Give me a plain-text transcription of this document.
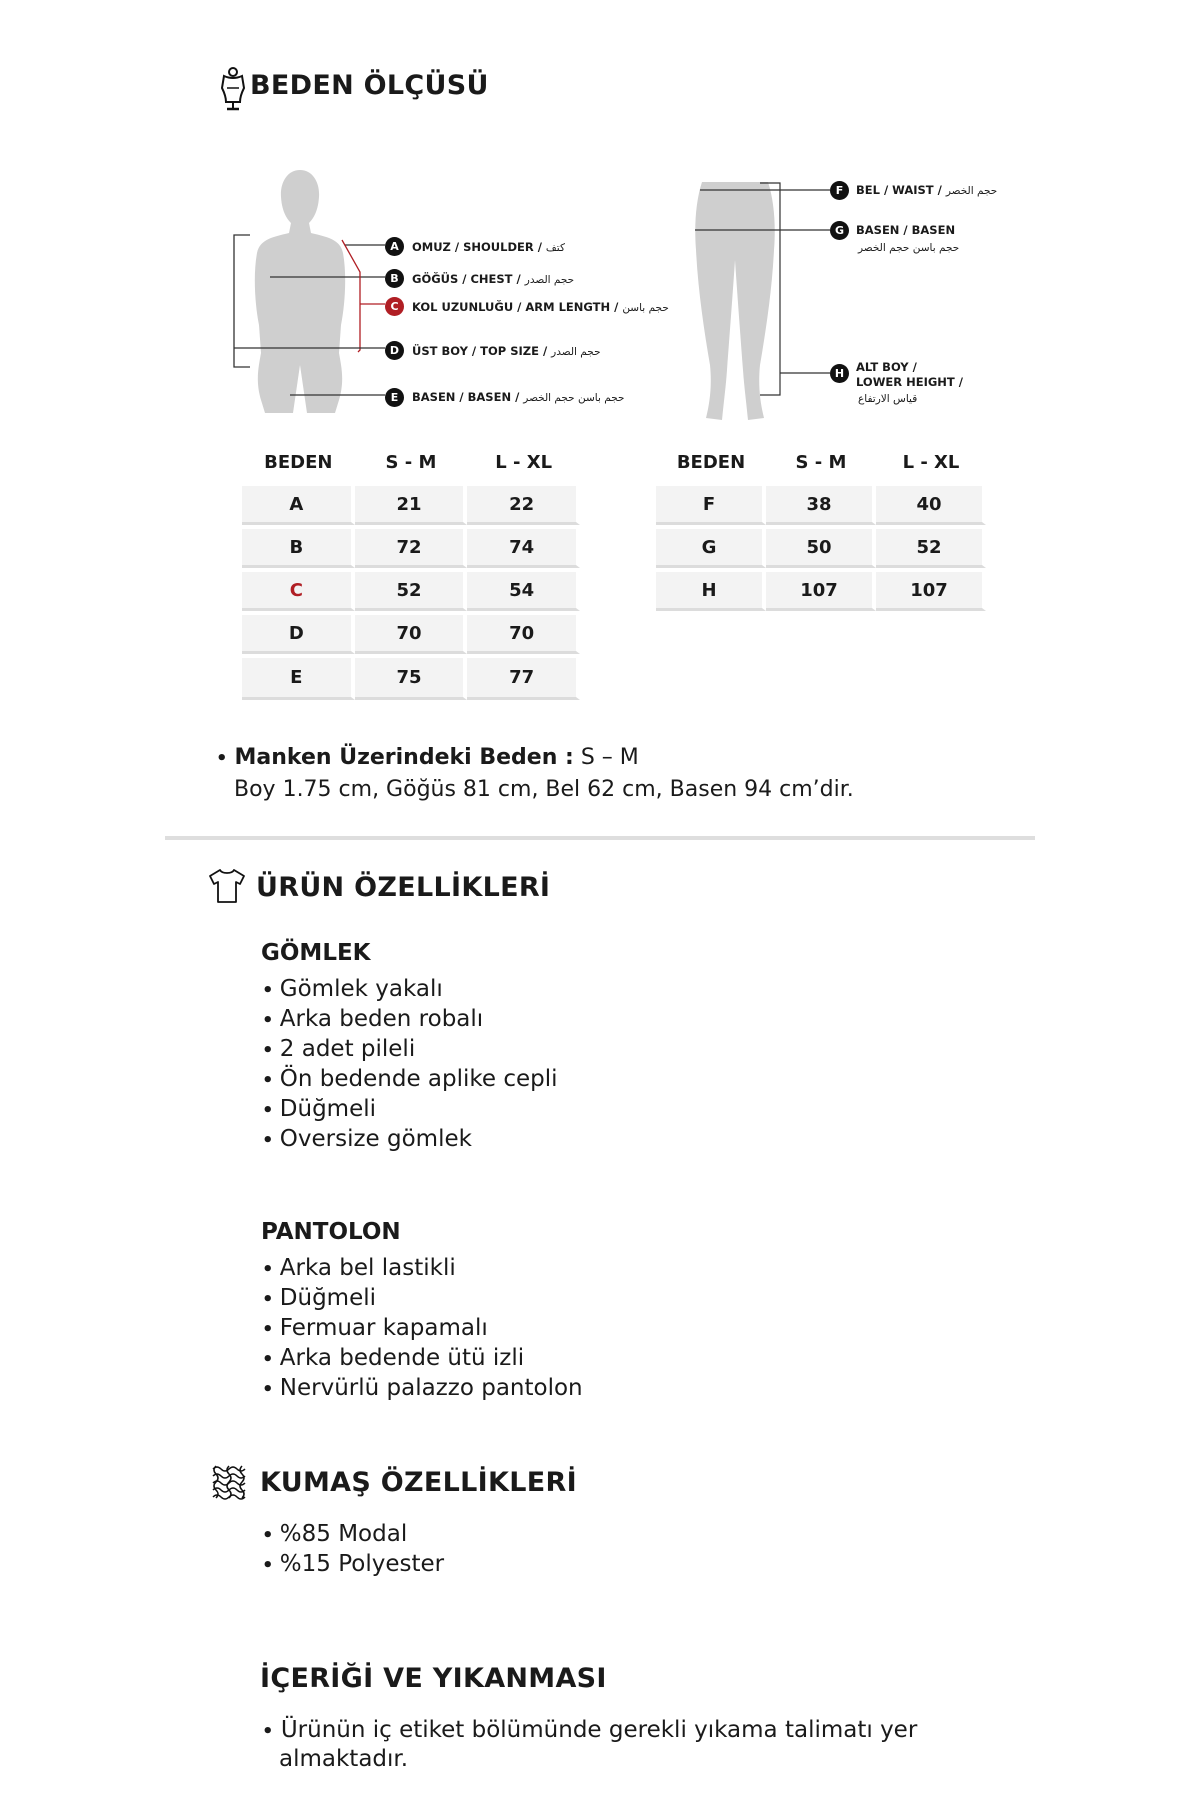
BEDEN ÖLÇÜSÜ
A	OMUZ / SHOULDER / كتف
B	GÖĞÜS / CHEST / حجم الصدر
C	KOL UZUNLUĞU / ARM LENGTH / حجم باسن
D	ÜST BOY / TOP SIZE / حجم الصدر
E	BASEN / BASEN / حجم باسن حجم الخصر
F	BEL / WAIST / حجم الخصر
G	BASEN / BASEN
حجم باسن حجم الخصر
H	ALT BOY /
LOWER HEIGHT /
قياس الارتفاع
BEDEN	S - M	L - XL
A	21	22
B	72	74
C	52	54
D	70	70
E	75	77
BEDEN	S - M	L - XL
F	38	40
G	50	52
H	107	107
• Manken Üzerindeki Beden : S – M
Boy 1.75 cm, Göğüs 81 cm, Bel 62 cm, Basen 94 cm’dir.
ÜRÜN ÖZELLİKLERİ
GÖMLEK
• Gömlek yakalı
• Arka beden robalı
• 2 adet pileli
• Ön bedende aplike cepli
• Düğmeli
• Oversize gömlek
PANTOLON
• Arka bel lastikli
• Düğmeli
• Fermuar kapamalı
• Arka bedende ütü izli
• Nervürlü palazzo pantolon
KUMAŞ ÖZELLİKLERİ
• %85 Modal
• %15 Polyester
İÇERİĞİ VE YIKANMASI
• Ürünün iç etiket bölümünde gerekli yıkama talimatı yer
almaktadır.
